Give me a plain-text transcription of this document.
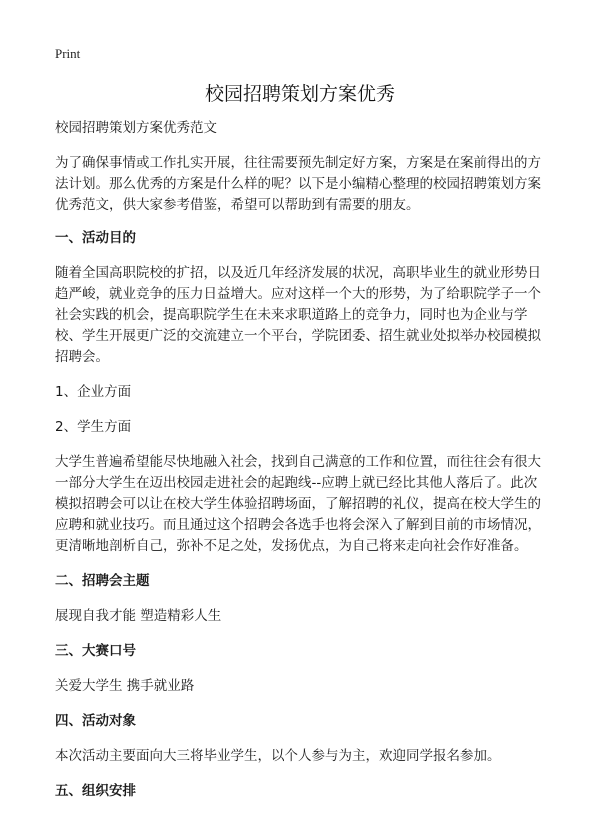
Print
校园招聘策划方案优秀

校园招聘策划方案优秀范文

为了确保事情或工作扎实开展，往往需要预先制定好方案，方案是在案前得出的方法计划。那么优秀的方案是什么样的呢？以下是小编精心整理的校园招聘策划方案优秀范文，供大家参考借鉴，希望可以帮助到有需要的朋友。

一、活动目的

随着全国高职院校的扩招，以及近几年经济发展的状况，高职毕业生的就业形势日趋严峻，就业竞争的压力日益增大。应对这样一个大的形势，为了给职院学子一个社会实践的机会，提高职院学生在未来求职道路上的竞争力，同时也为企业与学校、学生开展更广泛的交流建立一个平台，学院团委、招生就业处拟举办校园模拟招聘会。

1、企业方面

2、学生方面

大学生普遍希望能尽快地融入社会，找到自己满意的工作和位置，而往往会有很大一部分大学生在迈出校园走进社会的起跑线--应聘上就已经比其他人落后了。此次模拟招聘会可以让在校大学生体验招聘场面，了解招聘的礼仪，提高在校大学生的应聘和就业技巧。而且通过这个招聘会各选手也将会深入了解到目前的市场情况，更清晰地剖析自己，弥补不足之处，发扬优点，为自己将来走向社会作好准备。

二、招聘会主题

展现自我才能 塑造精彩人生

三、大赛口号

关爱大学生 携手就业路

四、活动对象

本次活动主要面向大三将毕业学生，以个人参与为主，欢迎同学报名参加。

五、组织安排
